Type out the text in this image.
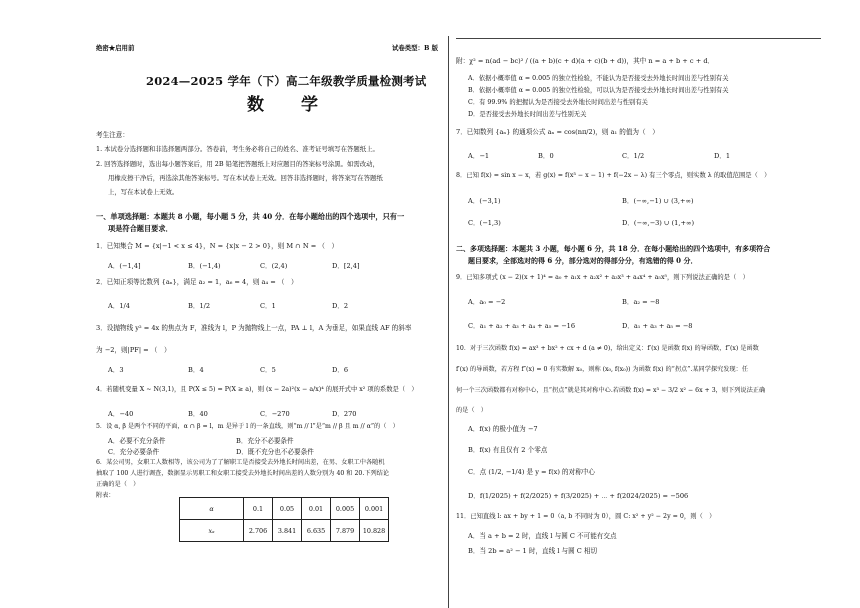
绝密★启用前	试卷类型：B 版
2024—2025 学年（下）高二年级教学质量检测考试
数　学
考生注意：
1. 本试卷分选择题和非选择题两部分。答卷前，考生务必将自己的姓名、准考证号填写在答题纸上。
2. 回答选择题时，选出每小题答案后，用 2B 铅笔把答题纸上对应题目的答案标号涂黑。如需改动，
用橡皮擦干净后，再选涂其他答案标号。写在本试卷上无效。回答非选择题时，将答案写在答题纸
上，写在本试卷上无效。
一、单项选择题：本题共 8 小题，每小题 5 分，共 40 分．在每小题给出的四个选项中，只有一
项是符合题目要求．
1．已知集合 M = {x|−1 < x ≤ 4}，N = {x|x − 2 > 0}，则 M ∩ N = （　）
A．(−1,4]	B．(−1,4)	C．(2,4)	D．[2,4]
2．已知正项等比数列 {aₙ}，满足 a₂ = 1，a₆ = 4，则 a₄ = （　）
A．1/4	B．1/2	C．1	D．2
3．设抛物线 y² = 4x 的焦点为 F，准线为 l，P 为抛物线上一点，PA ⊥ l，A 为垂足，如果直线 AF 的斜率
为 −2，则|PF| = （　）
A．3	B．4	C．5	D．6
4．若随机变量 X ~ N(3,1)，且 P(X ≤ 5) = P(X ≥ a)，则 (x − 2a)²(x − a/x)⁴ 的展开式中 x² 项的系数是（　）
A．−40	B．40	C．−270	D．270
5．设 α, β 是两个不同的平面，α ∩ β = l，m 是异于 l 的一条直线，则“m // l”是“m // β 且 m // α”的（　）
A．必要不充分条件	B．充分不必要条件
C．充分必要条件	D．既不充分也不必要条件
6．某公司男，女职工人数相等，该公司为了了解职工是否接受去外地长时间出差，在男、女职工中各随机
抽取了 100 人进行调查，数据显示男职工和女职工接受去外地长时间出差的人数分别为 40 和 20.下列结论
正确的是（　）
附表：
α	0.1	0.05	0.01	0.005	0.001
xₐ	2.706	3.841	6.635	7.879	10.828
附：χ² = n(ad − bc)² / ((a + b)(c + d)(a + c)(b + d))，其中 n = a + b + c + d．
A．依据小概率值 α = 0.005 的独立性检验，不能认为是否接受去外地长时间出差与性别有关
B．依据小概率值 α = 0.005 的独立性检验，可以认为是否接受去外地长时间出差与性别有关
C．有 99.9% 的把握认为是否接受去外地长时间出差与性别有关
D．是否接受去外地长时间出差与性别无关
7．已知数列 {aₙ} 的通项公式 aₙ = cos(nπ/2)，则 a₁ 的值为（　）
A．−1	B．0	C．1/2	D．1
8．已知 f(x) = sin x − x，若 g(x) = f(x³ − x − 1) + f(−2x − λ) 有三个零点，则实数 λ 的取值范围是（　）
A．(−3,1)	B．(−∞,−1) ∪ (3,+∞)
C．(−1,3)	D．(−∞,−3) ∪ (1,+∞)
二、多项选择题：本题共 3 小题，每小题 6 分，共 18 分．在每小题给出的四个选项中，有多项符合
题目要求，全部选对的得 6 分，部分选对的得部分分，有选错的得 0 分．
9．已知多项式 (x − 2)(x + 1)⁴ = a₀ + a₁x + a₂x² + a₃x³ + a₄x⁴ + a₅x⁵，则下列说法正确的是（　）
A．a₀ = −2	B．a₂ = −8
C．a₁ + a₂ + a₃ + a₄ + a₅ = −16	D．a₁ + a₃ + a₅ = −8
10．对于三次函数 f(x) = ax³ + bx² + cx + d (a ≠ 0)，给出定义：f′(x) 是函数 f(x) 的导函数，f″(x) 是函数
f′(x) 的导函数，若方程 f″(x) = 0 有实数解 x₀，则称 (x₀, f(x₀)) 为函数 f(x) 的“拐点”.某同学探究发现：任
何一个三次函数都有对称中心，且“拐点”就是其对称中心.若函数 f(x) = x³ − 3/2 x² − 6x + 3，则下列说法正确
的是（　）
A．f(x) 的极小值为 −7
B．f(x) 有且仅有 2 个零点
C．点 (1/2, −1/4) 是 y = f(x) 的对称中心
D．f(1/2025) + f(2/2025) + f(3/2025) + ⋯ + f(2024/2025) = −506
11．已知直线 l: ax + by + 1 = 0（a, b 不同时为 0），圆 C: x² + y² − 2y = 0，则（　）
A．当 a + b = 2 时，直线 l 与圆 C 不可能有交点
B．当 2b = a² − 1 时，直线 l 与圆 C 相切
